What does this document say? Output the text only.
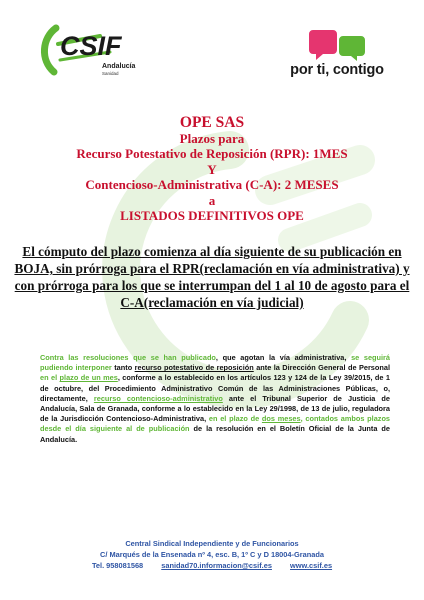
CSIF
Andalucía
Sanidad	por ti, contigo
OPE SAS
Plazos para
Recurso Potestativo de Reposición (RPR): 1MES
Y
Contencioso-Administrativa (C-A): 2 MESES
a
LISTADOS DEFINITIVOS OPE
El cómputo del plazo comienza al día siguiente de su publicación en BOJA, sin prórroga para el RPR(reclamación en vía administrativa) y con prórroga para los que se interrumpan del 1 al 10 de agosto para el C-A(reclamación en vía judicial)
Contra las resoluciones que se han publicado, que agotan la vía administrativa, se seguirá pudiendo interponer tanto recurso potestativo de reposición ante la Dirección General de Personal en el plazo de un mes, conforme a lo establecido en los artículos 123 y 124 de la Ley 39/2015, de 1 de octubre, del Procedimiento Administrativo Común de las Administraciones Públicas, o, directamente, recurso contencioso-administrativo ante el Tribunal Superior de Justicia de Andalucía, Sala de Granada, conforme a lo establecido en la Ley 29/1998, de 13 de julio, reguladora de la Jurisdicción Contencioso-Administrativa, en el plazo de dos meses, contados ambos plazos desde el día siguiente al de publicación de la resolución en el Boletín Oficial de la Junta de Andalucía.
Central Sindical Independiente y de Funcionarios
C/ Marqués de la Ensenada nº 4, esc. B, 1º C y D 18004-Granada
Tel. 958081568 sanidad70.informacion@csif.es www.csif.es
